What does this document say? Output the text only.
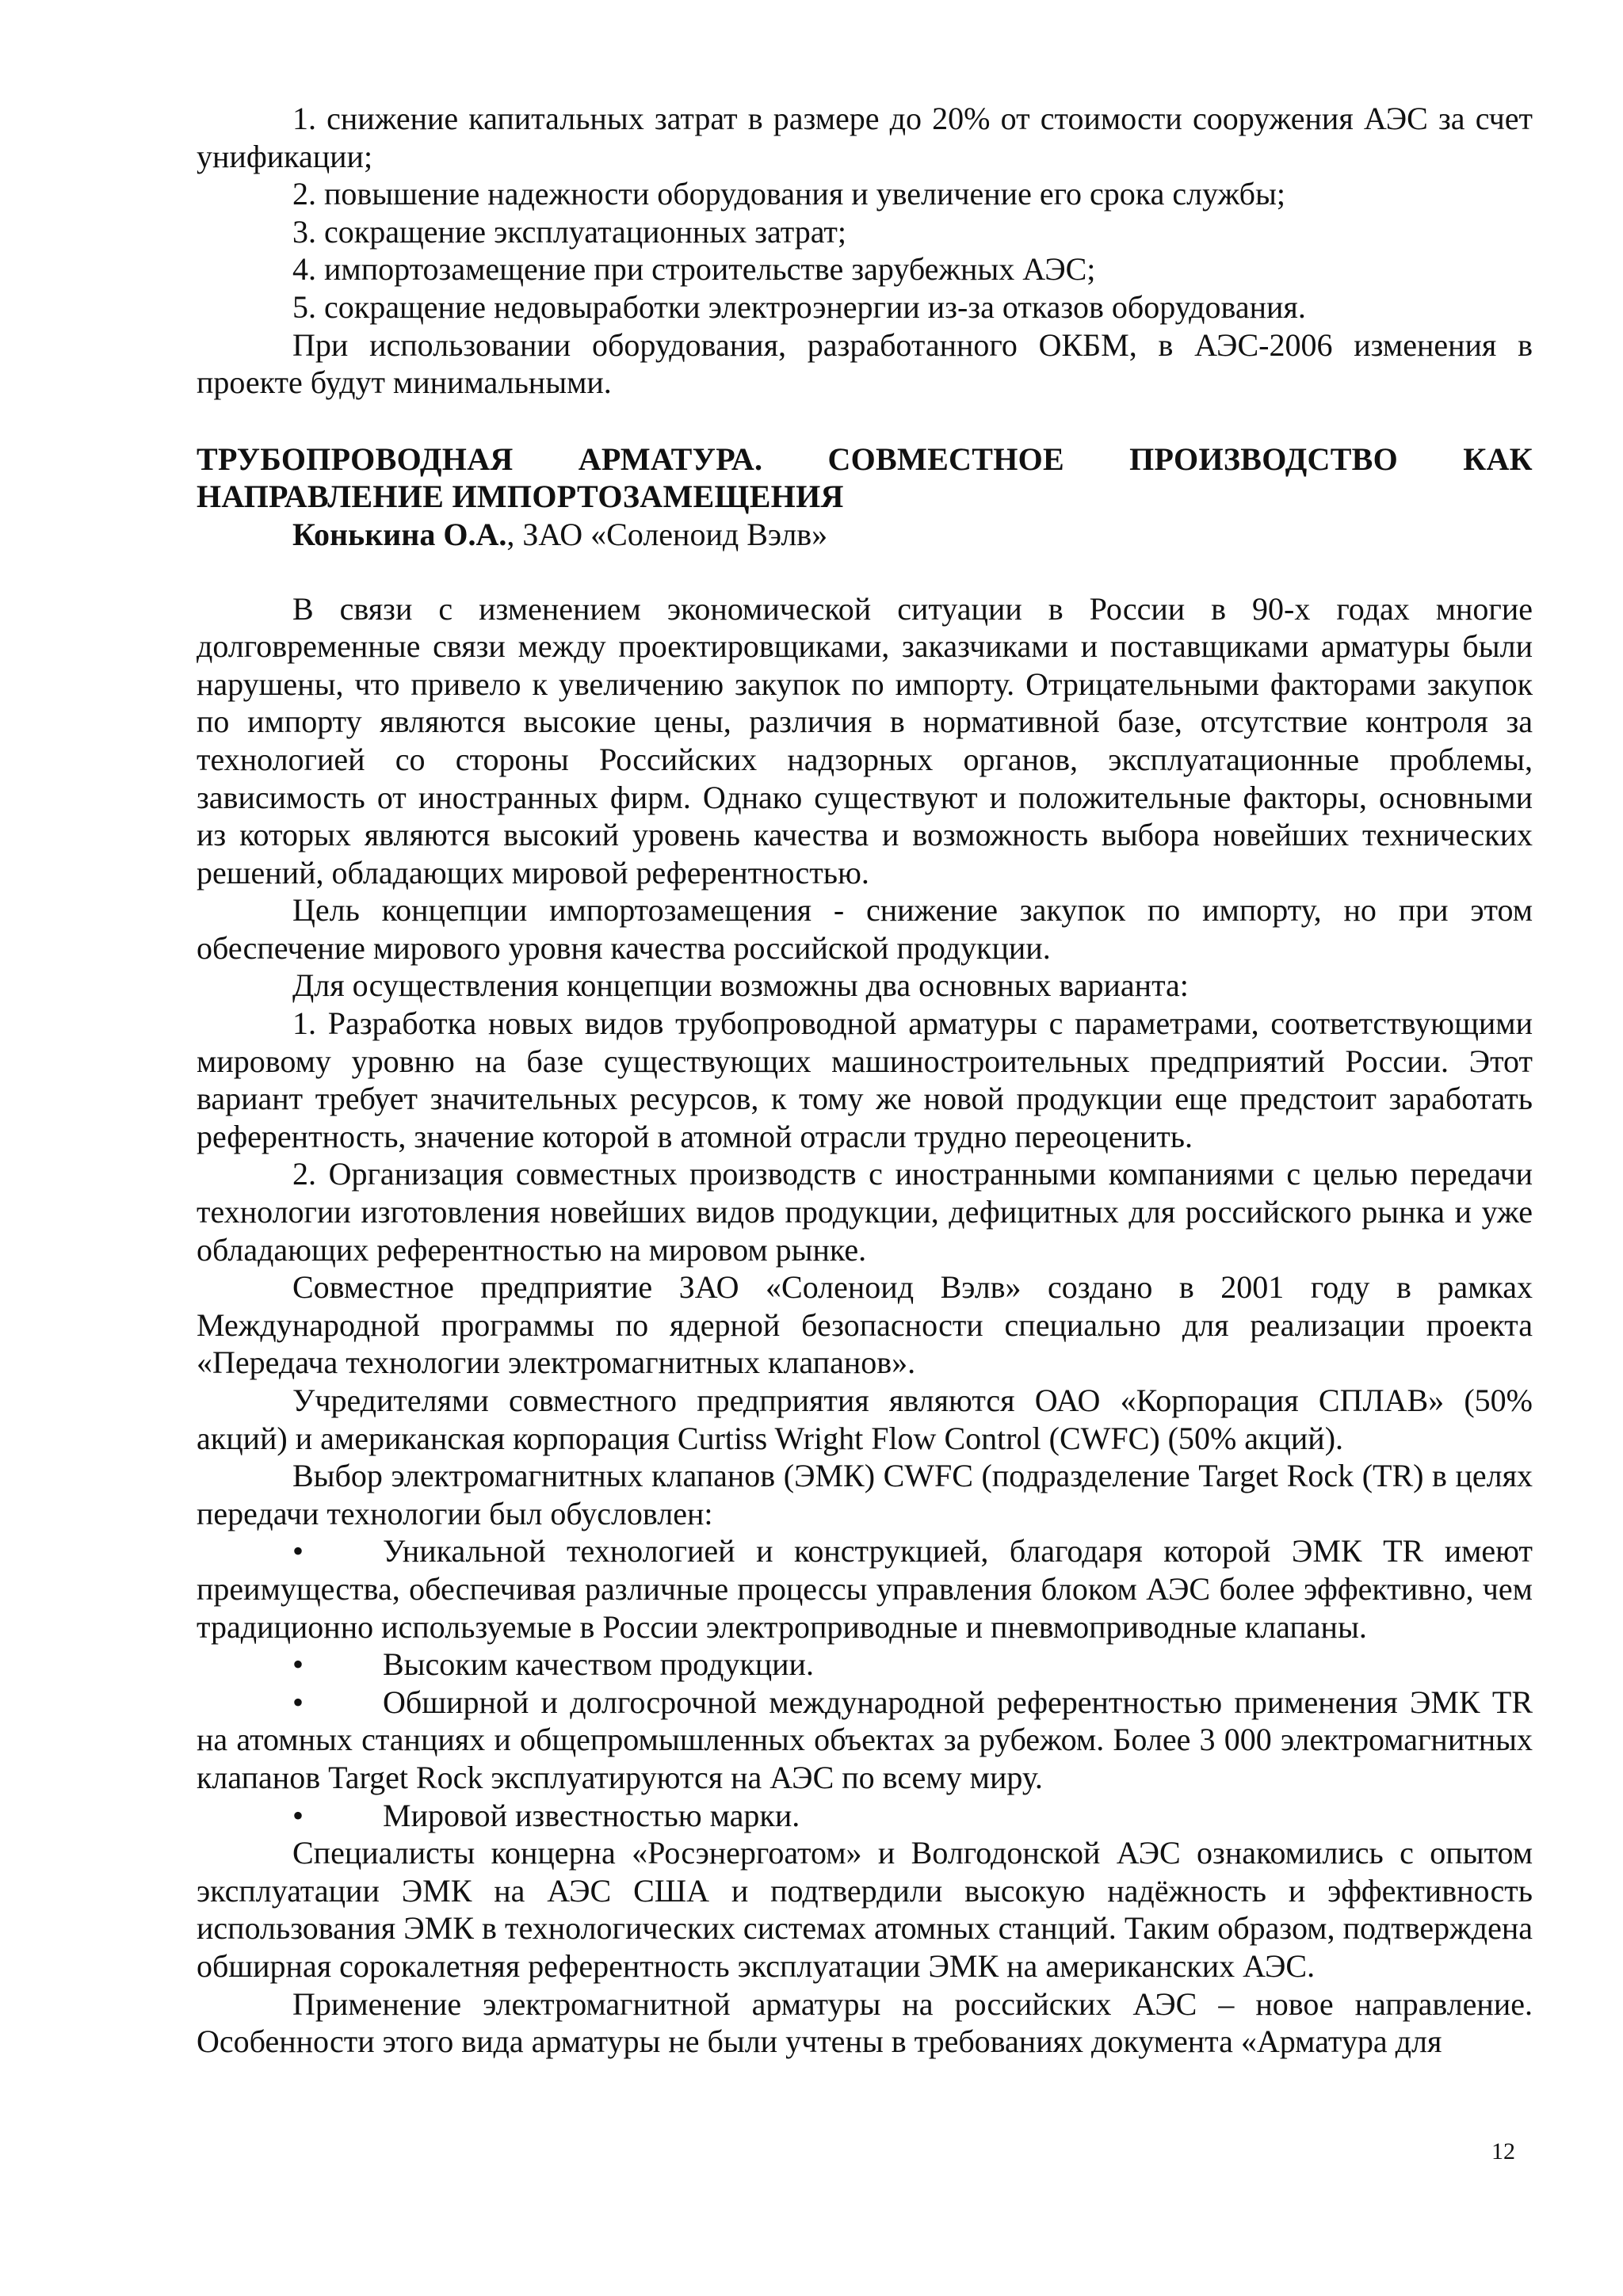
1. снижение капитальных затрат в размере до 20% от стоимости сооружения АЭС за счет унификации;

2. повышение надежности оборудования и увеличение его срока службы;

3. сокращение эксплуатационных затрат;

4. импортозамещение при строительстве зарубежных АЭС;

5. сокращение недовыработки электроэнергии из-за отказов оборудования.

При использовании оборудования, разработанного ОКБМ, в АЭС-2006 изменения в проекте будут минимальными.

ТРУБОПРОВОДНАЯ АРМАТУРА. СОВМЕСТНОЕ ПРОИЗВОДСТВО КАК НАПРАВЛЕНИЕ ИМПОРТОЗАМЕЩЕНИЯ

Конькина О.А., ЗАО «Соленоид Вэлв»

В связи с изменением экономической ситуации в России в 90-х годах многие долговременные связи между проектировщиками, заказчиками и поставщиками арматуры были нарушены, что привело к увеличению закупок по импорту. Отрицательными факторами закупок по импорту являются высокие цены, различия в нормативной базе, отсутствие контроля за технологией со стороны Российских надзорных органов, эксплуатационные проблемы, зависимость от иностранных фирм. Однако существуют и положительные факторы, основными из которых являются высокий уровень качества и возможность выбора новейших технических решений, обладающих мировой референтностью.

Цель концепции импортозамещения - снижение закупок по импорту, но при этом обеспечение мирового уровня качества российской продукции.

Для осуществления концепции возможны два основных варианта:

1. Разработка новых видов трубопроводной арматуры с параметрами, соответствующими мировому уровню на базе существующих машиностроительных предприятий России. Этот вариант требует значительных ресурсов, к тому же новой продукции еще предстоит заработать референтность, значение которой в атомной отрасли трудно переоценить.

2. Организация совместных производств с иностранными компаниями с целью передачи технологии изготовления новейших видов продукции, дефицитных для российского рынка и уже обладающих референтностью на мировом рынке.

Совместное предприятие ЗАО «Соленоид Вэлв» создано в 2001 году в рамках Международной программы по ядерной безопасности специально для реализации проекта «Передача технологии электромагнитных клапанов».

Учредителями совместного предприятия являются ОАО «Корпорация СПЛАВ» (50% акций) и американская корпорация Curtiss Wright Flow Control (CWFC) (50% акций).

Выбор электромагнитных клапанов (ЭМК) CWFC (подразделение Target Rock (TR) в целях передачи технологии был обусловлен:

• Уникальной технологией и конструкцией, благодаря которой ЭМК TR имеют преимущества, обеспечивая различные процессы управления блоком АЭС более эффективно, чем традиционно используемые в России электроприводные и пневмоприводные клапаны.

• Высоким качеством продукции.

• Обширной и долгосрочной международной референтностью применения ЭМК TR на атомных станциях и общепромышленных объектах за рубежом. Более 3 000 электромагнитных клапанов Target Rock эксплуатируются на АЭС по всему миру.

• Мировой известностью марки.

Специалисты концерна «Росэнергоатом» и Волгодонской АЭС ознакомились с опытом эксплуатации ЭМК на АЭС США и подтвердили высокую надёжность и эффективность использования ЭМК в технологических системах атомных станций. Таким образом, подтверждена обширная сорокалетняя референтность эксплуатации ЭМК на американских АЭС.

Применение электромагнитной арматуры на российских АЭС – новое направление. Особенности этого вида арматуры не были учтены в требованиях документа «Арматура для

12
